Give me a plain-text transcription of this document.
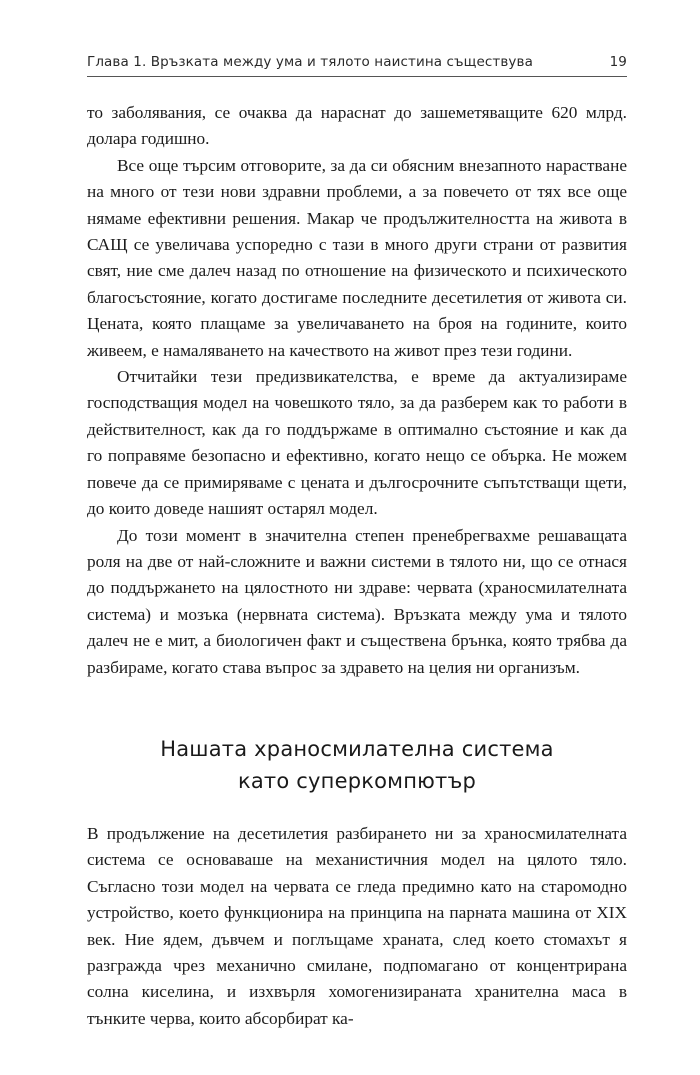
Глава 1. Връзката между ума и тялото наистина съществува	19

то заболявания, се очаква да нараснат до зашеметяващите 620 млрд. долара годишно.

Все още търсим отговорите, за да си обясним внезапното нарастване на много от тези нови здравни проблеми, а за повечето от тях все още нямаме ефективни решения. Макар че продължителността на живота в САЩ се увеличава успоредно с тази в много други страни от развития свят, ние сме далеч назад по отношение на физическото и психическото благосъстояние, когато достигаме последните десетилетия от живота си. Цената, която плащаме за увеличаването на броя на годините, които живеем, е намаляването на качеството на живот през тези години.

Отчитайки тези предизвикателства, е време да актуализираме господстващия модел на човешкото тяло, за да разберем как то работи в действителност, как да го поддържаме в оптимално състояние и как да го поправяме безопасно и ефективно, когато нещо се обърка. Не можем повече да се примиряваме с цената и дългосрочните съпътстващи щети, до които доведе нашият остарял модел.

До този момент в значителна степен пренебрегвахме решаващата роля на две от най-сложните и важни системи в тялото ни, що се отнася до поддържането на цялостното ни здраве: червата (храносмилателната система) и мозъка (нервната система). Връзката между ума и тялото далеч не е мит, а биологичен факт и съществена брънка, която трябва да разбираме, когато става въпрос за здравето на целия ни организъм.

Нашата храносмилателна система
като суперкомпютър

В продължение на десетилетия разбирането ни за храносмилателната система се основаваше на механистичния модел на цялото тяло. Съгласно този модел на червата се гледа предимно като на старомодно устройство, което функционира на принципа на парната машина от XIX век. Ние ядем, дъвчем и поглъщаме храната, след което стомахът я разгражда чрез механично смилане, подпомагано от концентрирана солна киселина, и изхвърля хомогенизираната хранителна маса в тънките черва, които абсорбират ка-
